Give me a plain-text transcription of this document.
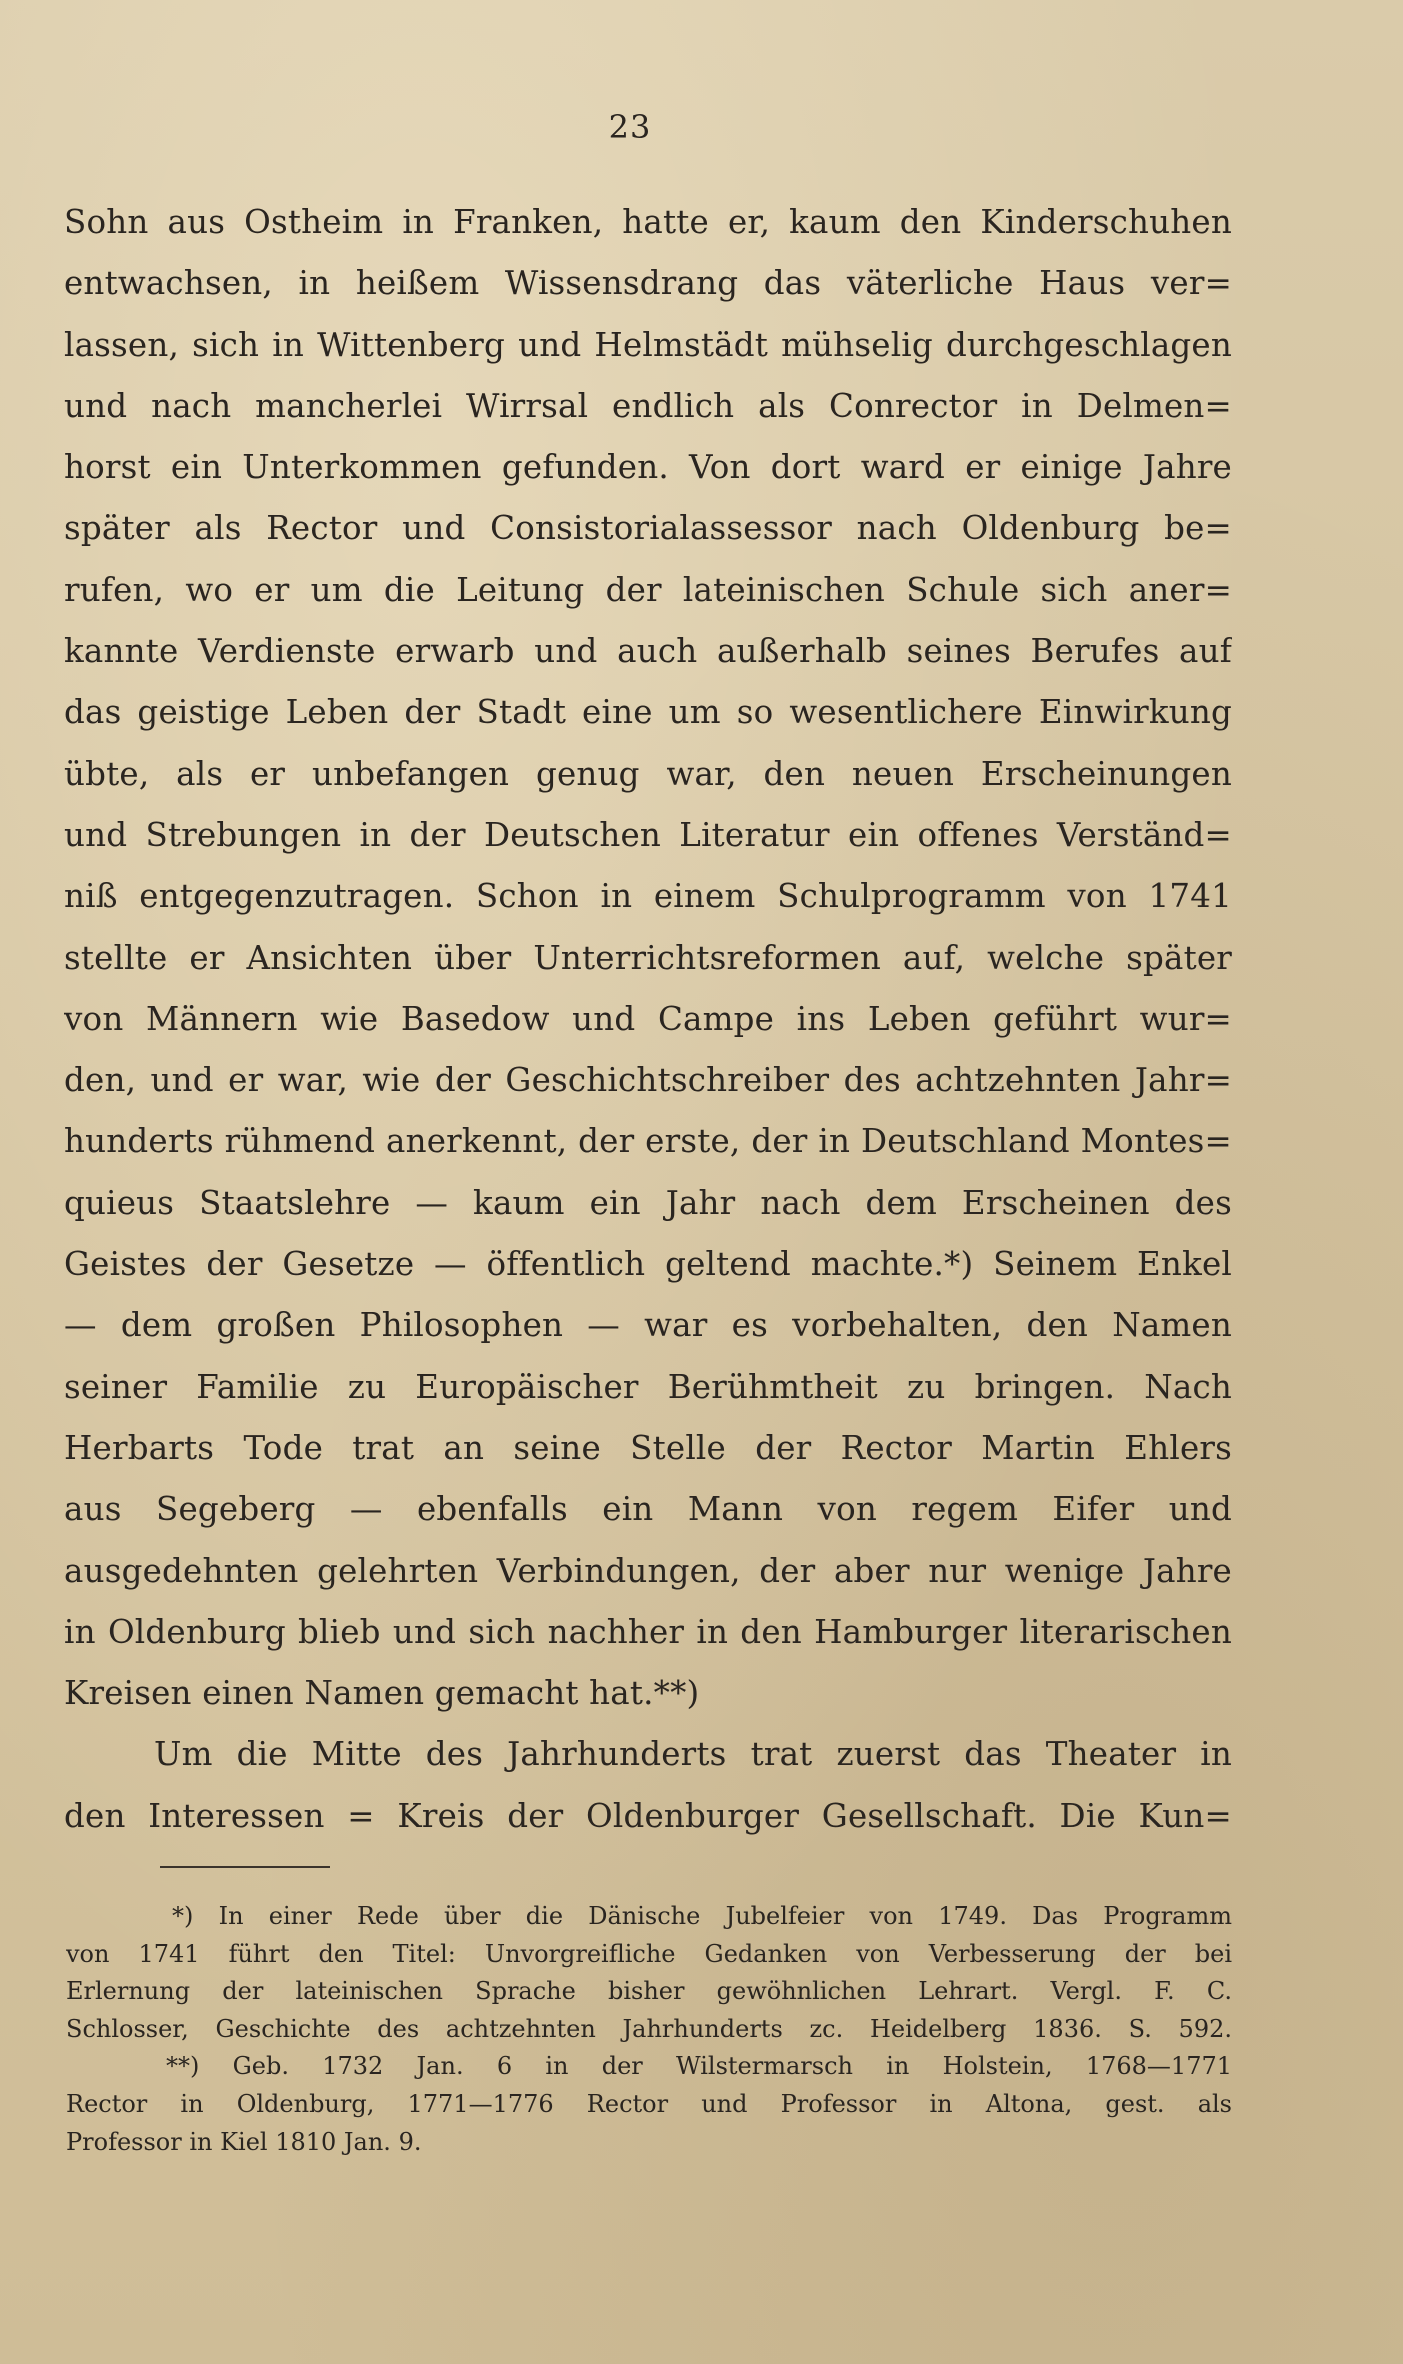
23
Sohn aus Ostheim in Franken, hatte er, kaum den Kinderschuhen
entwachsen, in heißem Wissensdrang das väterliche Haus ver=
lassen, sich in Wittenberg und Helmstädt mühselig durchgeschlagen
und nach mancherlei Wirrsal endlich als Conrector in Delmen=
horst ein Unterkommen gefunden. Von dort ward er einige Jahre
später als Rector und Consistorialassessor nach Oldenburg be=
rufen, wo er um die Leitung der lateinischen Schule sich aner=
kannte Verdienste erwarb und auch außerhalb seines Berufes auf
das geistige Leben der Stadt eine um so wesentlichere Einwirkung
übte, als er unbefangen genug war, den neuen Erscheinungen
und Strebungen in der Deutschen Literatur ein offenes Verständ=
niß entgegenzutragen. Schon in einem Schulprogramm von 1741
stellte er Ansichten über Unterrichtsreformen auf, welche später
von Männern wie Basedow und Campe ins Leben geführt wur=
den, und er war, wie der Geschichtschreiber des achtzehnten Jahr=
hunderts rühmend anerkennt, der erste, der in Deutschland Montes=
quieus Staatslehre — kaum ein Jahr nach dem Erscheinen des
Geistes der Gesetze — öffentlich geltend machte.*) Seinem Enkel
— dem großen Philosophen — war es vorbehalten, den Namen
seiner Familie zu Europäischer Berühmtheit zu bringen. Nach
Herbarts Tode trat an seine Stelle der Rector Martin Ehlers
aus Segeberg — ebenfalls ein Mann von regem Eifer und
ausgedehnten gelehrten Verbindungen, der aber nur wenige Jahre
in Oldenburg blieb und sich nachher in den Hamburger literarischen
Kreisen einen Namen gemacht hat.**)
Um die Mitte des Jahrhunderts trat zuerst das Theater in
den Interessen = Kreis der Oldenburger Gesellschaft. Die Kun=
*) In einer Rede über die Dänische Jubelfeier von 1749. Das Programm
von 1741 führt den Titel: Unvorgreifliche Gedanken von Verbesserung der bei
Erlernung der lateinischen Sprache bisher gewöhnlichen Lehrart. Vergl. F. C.
Schlosser, Geschichte des achtzehnten Jahrhunderts zc. Heidelberg 1836. S. 592.
**) Geb. 1732 Jan. 6 in der Wilstermarsch in Holstein, 1768—1771
Rector in Oldenburg, 1771—1776 Rector und Professor in Altona, gest. als
Professor in Kiel 1810 Jan. 9.
